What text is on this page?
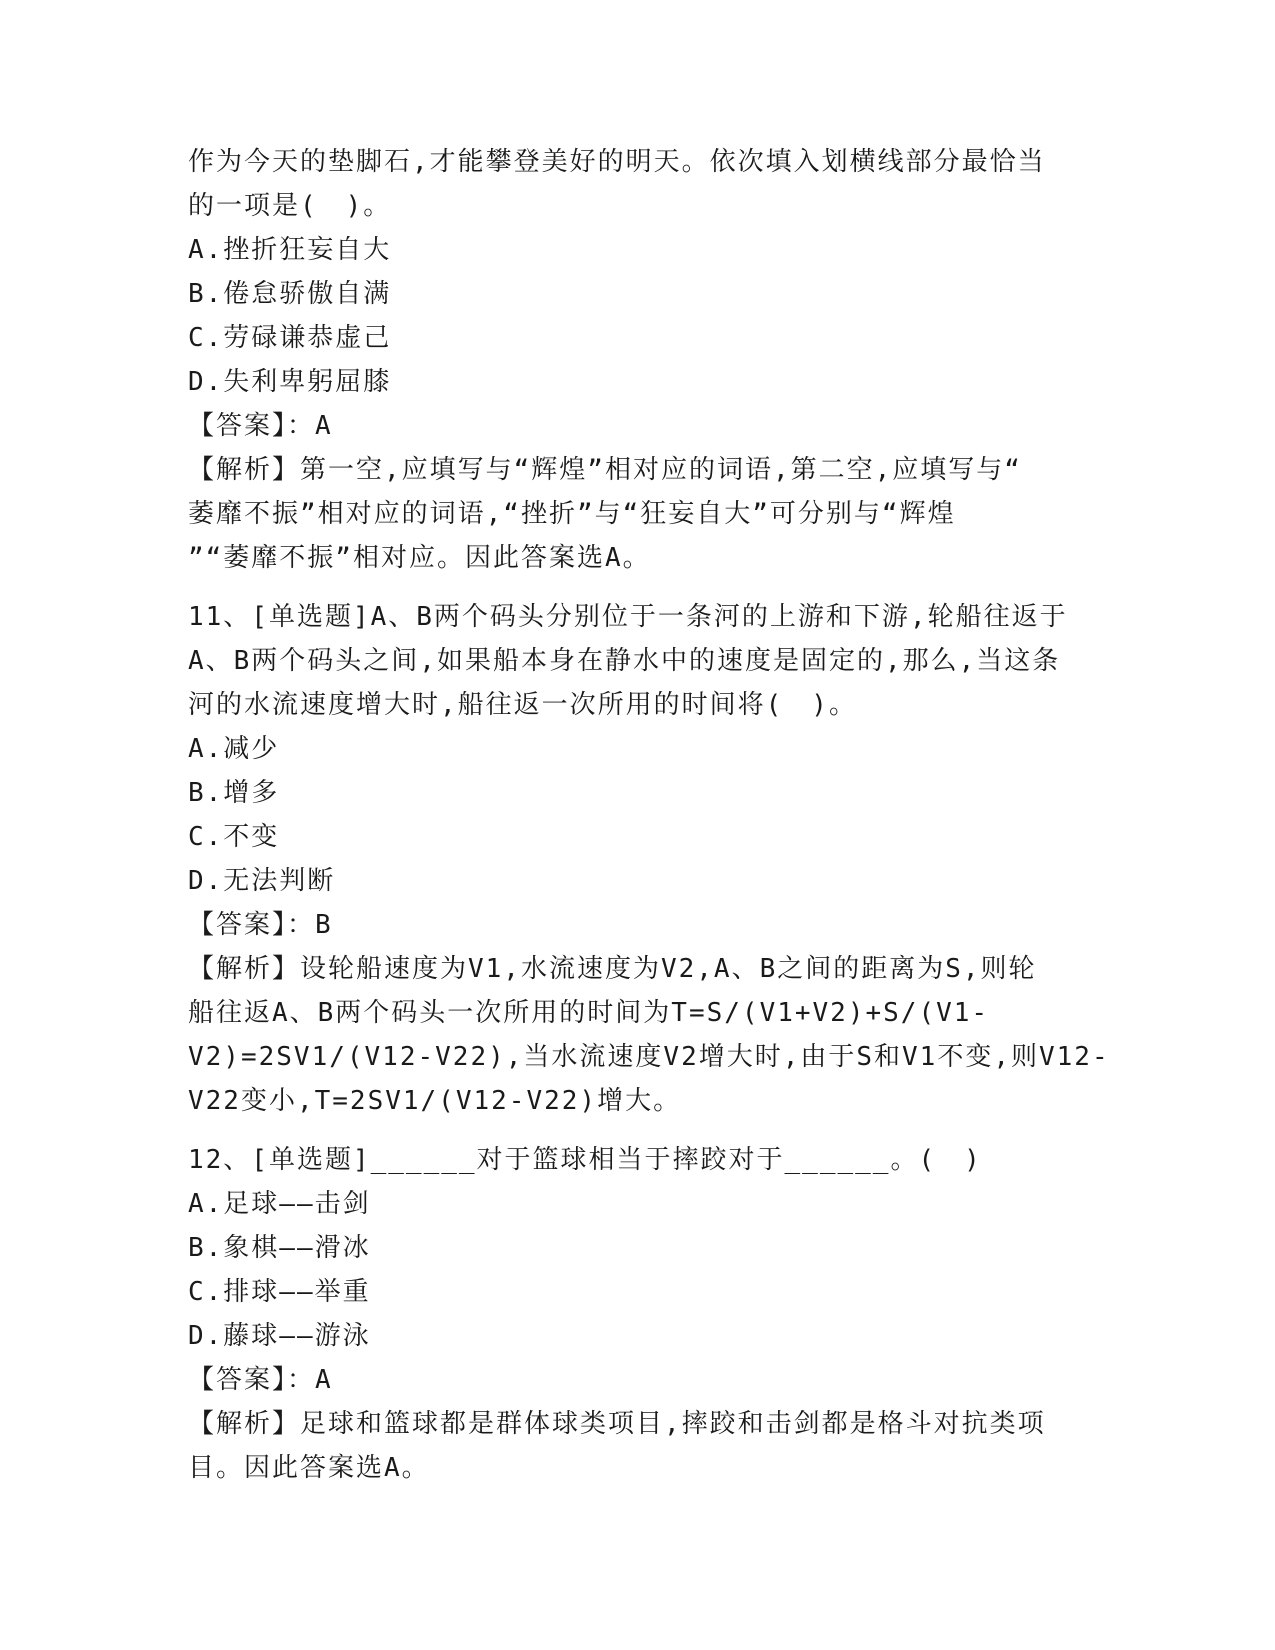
作为今天的垫脚石,才能攀登美好的明天。依次填入划横线部分最恰当
的一项是(　)。
A.挫折狂妄自大
B.倦怠骄傲自满
C.劳碌谦恭虚己
D.失利卑躬屈膝
【答案】：A
【解析】第一空,应填写与“辉煌”相对应的词语,第二空,应填写与“
萎靡不振”相对应的词语,“挫折”与“狂妄自大”可分别与“辉煌
”“萎靡不振”相对应。因此答案选A。
11、[单选题]A、B两个码头分别位于一条河的上游和下游,轮船往返于
A、B两个码头之间,如果船本身在静水中的速度是固定的,那么,当这条
河的水流速度增大时,船往返一次所用的时间将(　)。
A.减少
B.增多
C.不变
D.无法判断
【答案】：B
【解析】设轮船速度为V1,水流速度为V2,A、B之间的距离为S,则轮
船往返A、B两个码头一次所用的时间为T=S/(V1+V2)+S/(V1-
V2)=2SV1/(V12-V22),当水流速度V2增大时,由于S和V1不变,则V12-
V22变小,T=2SV1/(V12-V22)增大。
12、[单选题]______对于篮球相当于摔跤对于______。(　)
A.足球——击剑
B.象棋——滑冰
C.排球——举重
D.藤球——游泳
【答案】：A
【解析】足球和篮球都是群体球类项目,摔跤和击剑都是格斗对抗类项
目。因此答案选A。
